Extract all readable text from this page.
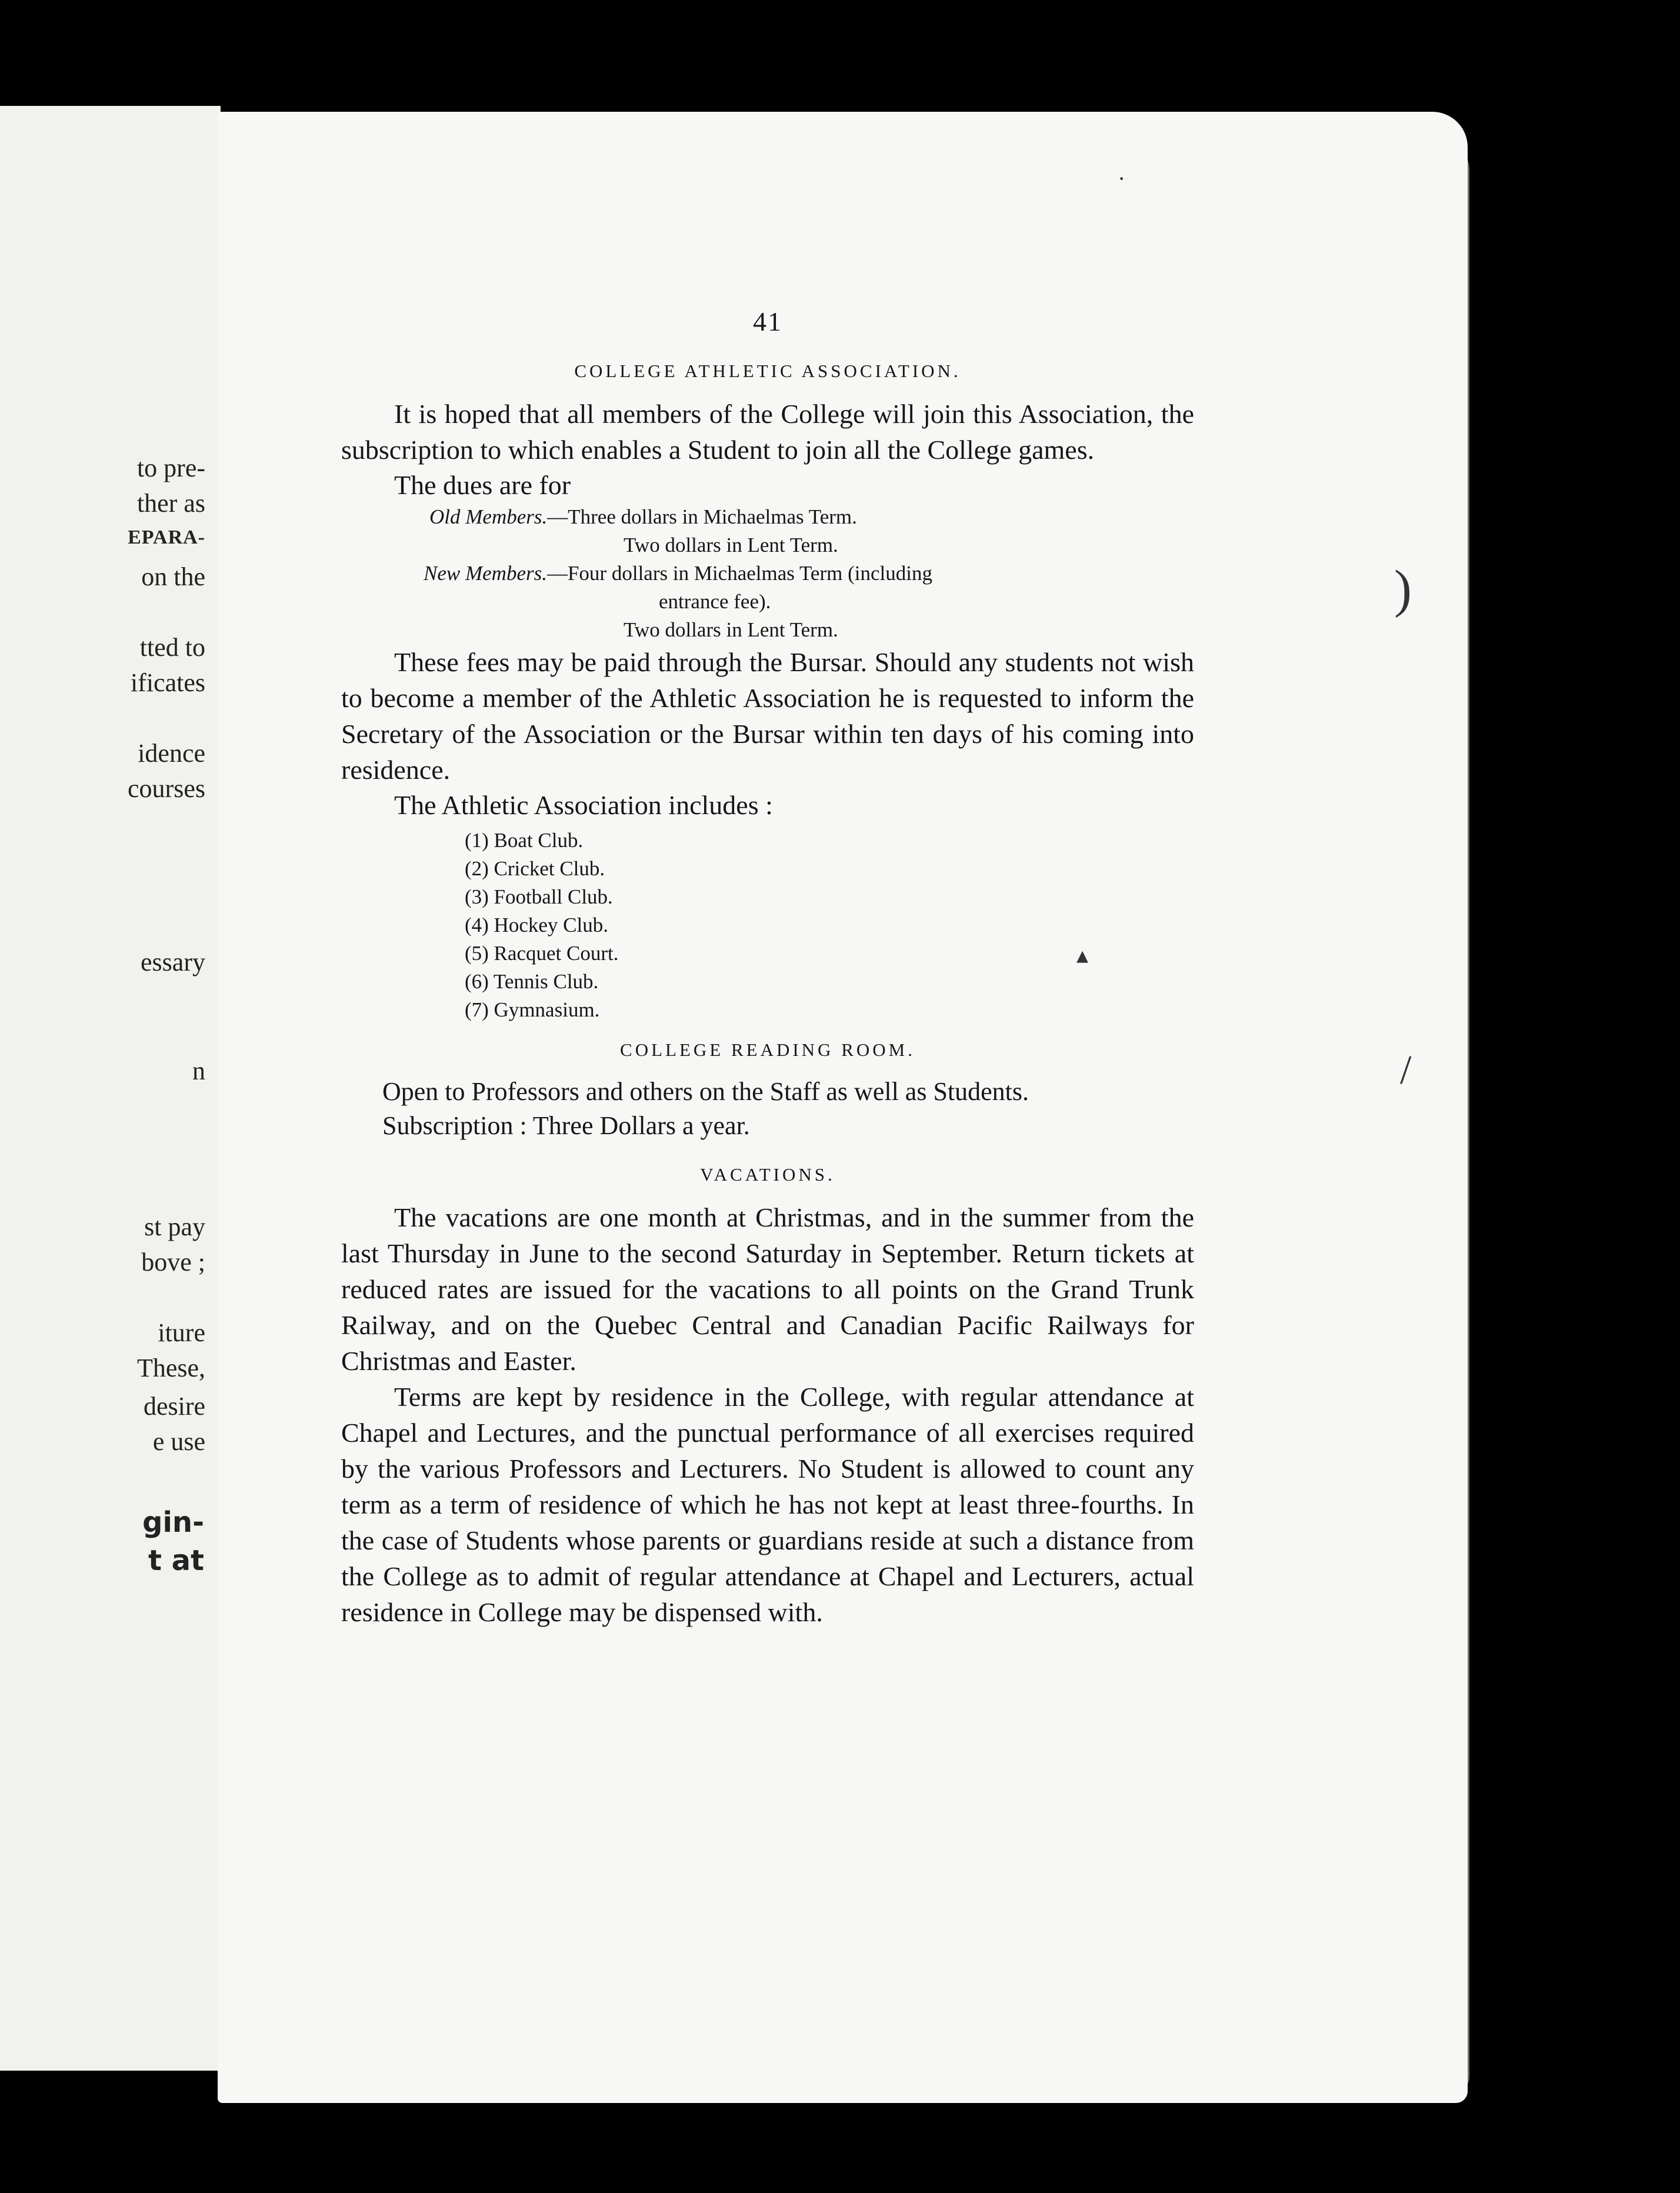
to pre-
ther as
EPARA-
on the
tted to
ificates
idence
courses
essary
n
st pay
bove ;
iture
These,
desire
e use
gin-
t at
41
COLLEGE ATHLETIC ASSOCIATION.

It is hoped that all members of the College will join this Association, the subscription to which enables a Student to join all the College games.

The dues are for

Old Members.—Three dollars in Michaelmas Term.

Two dollars in Lent Term.

New Members.—Four dollars in Michaelmas Term (including

entrance fee).

Two dollars in Lent Term.

These fees may be paid through the Bursar. Should any students not wish to become a member of the Athletic Association he is requested to inform the Secretary of the Association or the Bursar within ten days of his coming into residence.

The Athletic Association includes :

(1) Boat Club.
(2) Cricket Club.
(3) Football Club.
(4) Hockey Club.
(5) Racquet Court.
(6) Tennis Club.
(7) Gymnasium.
COLLEGE READING ROOM.

Open to Professors and others on the Staff as well as Students.

Subscription : Three Dollars a year.

VACATIONS.

The vacations are one month at Christmas, and in the summer from the last Thursday in June to the second Saturday in September. Return tickets at reduced rates are issued for the vacations to all points on the Grand Trunk Railway, and on the Quebec Central and Canadian Pacific Railways for Christmas and Easter.

Terms are kept by residence in the College, with regular attendance at Chapel and Lectures, and the punctual performance of all exercises required by the various Professors and Lecturers. No Student is allowed to count any term as a term of residence of which he has not kept at least three-fourths. In the case of Students whose parents or guardians reside at such a distance from the College as to admit of regular attendance at Chapel and Lecturers, actual residence in College may be dispensed with.

·
▴
/
)
